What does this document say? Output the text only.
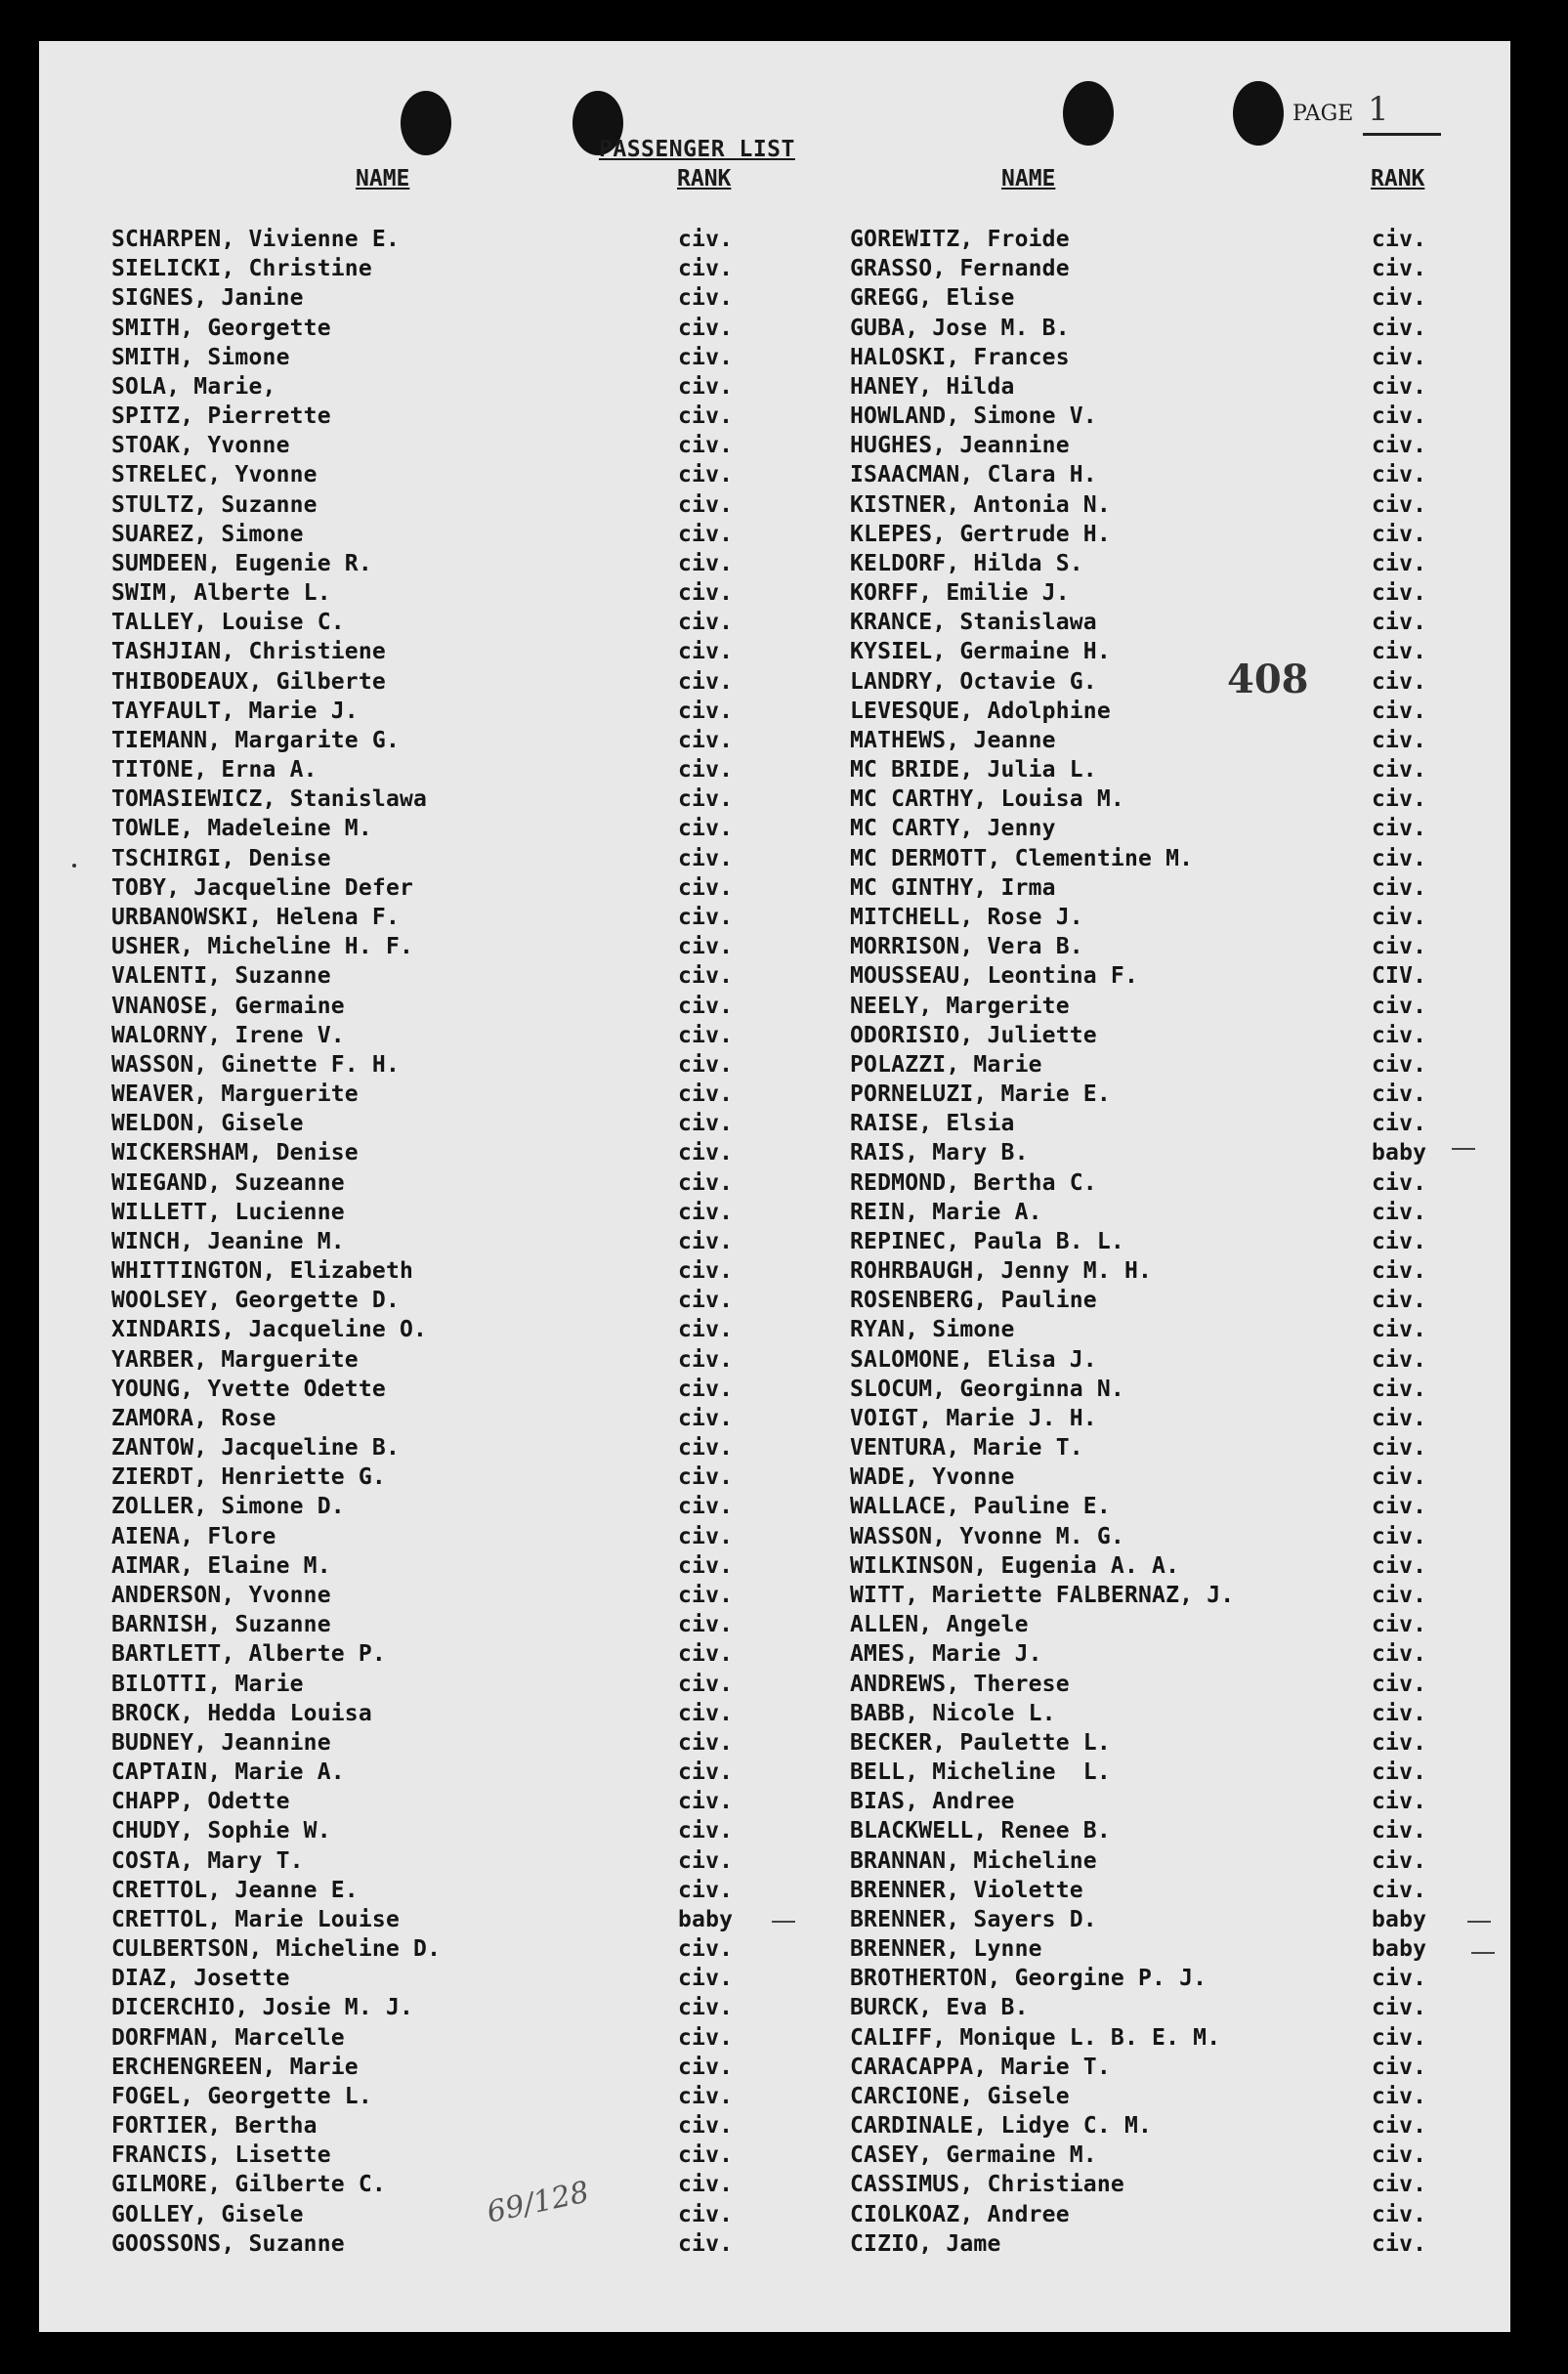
PAGE 1
PASSENGER LIST
NAME	RANK	NAME	RANK
SCHARPEN, Vivienne E.	civ.
SIELICKI, Christine	civ.
SIGNES, Janine	civ.
SMITH, Georgette	civ.
SMITH, Simone	civ.
SOLA, Marie,	civ.
SPITZ, Pierrette	civ.
STOAK, Yvonne	civ.
STRELEC, Yvonne	civ.
STULTZ, Suzanne	civ.
SUAREZ, Simone	civ.
SUMDEEN, Eugenie R.	civ.
SWIM, Alberte L.	civ.
TALLEY, Louise C.	civ.
TASHJIAN, Christiene	civ.
THIBODEAUX, Gilberte	civ.
TAYFAULT, Marie J.	civ.
TIEMANN, Margarite G.	civ.
TITONE, Erna A.	civ.
TOMASIEWICZ, Stanislawa	civ.
TOWLE, Madeleine M.	civ.
TSCHIRGI, Denise	civ.
TOBY, Jacqueline Defer	civ.
URBANOWSKI, Helena F.	civ.
USHER, Micheline H. F.	civ.
VALENTI, Suzanne	civ.
VNANOSE, Germaine	civ.
WALORNY, Irene V.	civ.
WASSON, Ginette F. H.	civ.
WEAVER, Marguerite	civ.
WELDON, Gisele	civ.
WICKERSHAM, Denise	civ.
WIEGAND, Suzeanne	civ.
WILLETT, Lucienne	civ.
WINCH, Jeanine M.	civ.
WHITTINGTON, Elizabeth	civ.
WOOLSEY, Georgette D.	civ.
XINDARIS, Jacqueline O.	civ.
YARBER, Marguerite	civ.
YOUNG, Yvette Odette	civ.
ZAMORA, Rose	civ.
ZANTOW, Jacqueline B.	civ.
ZIERDT, Henriette G.	civ.
ZOLLER, Simone D.	civ.
AIENA, Flore	civ.
AIMAR, Elaine M.	civ.
ANDERSON, Yvonne	civ.
BARNISH, Suzanne	civ.
BARTLETT, Alberte P.	civ.
BILOTTI, Marie	civ.
BROCK, Hedda Louisa	civ.
BUDNEY, Jeannine	civ.
CAPTAIN, Marie A.	civ.
CHAPP, Odette	civ.
CHUDY, Sophie W.	civ.
COSTA, Mary T.	civ.
CRETTOL, Jeanne E.	civ.
CRETTOL, Marie Louise	baby
CULBERTSON, Micheline D.	civ.
DIAZ, Josette	civ.
DICERCHIO, Josie M. J.	civ.
DORFMAN, Marcelle	civ.
ERCHENGREEN, Marie	civ.
FOGEL, Georgette L.	civ.
FORTIER, Bertha	civ.
FRANCIS, Lisette	civ.
GILMORE, Gilberte C.	civ.
GOLLEY, Gisele	civ.
GOOSSONS, Suzanne	civ.
GOREWITZ, Froide	civ.
GRASSO, Fernande	civ.
GREGG, Elise	civ.
GUBA, Jose M. B.	civ.
HALOSKI, Frances	civ.
HANEY, Hilda	civ.
HOWLAND, Simone V.	civ.
HUGHES, Jeannine	civ.
ISAACMAN, Clara H.	civ.
KISTNER, Antonia N.	civ.
KLEPES, Gertrude H.	civ.
KELDORF, Hilda S.	civ.
KORFF, Emilie J.	civ.
KRANCE, Stanislawa	civ.
KYSIEL, Germaine H.	civ.
LANDRY, Octavie G.	civ.
LEVESQUE, Adolphine	civ.
MATHEWS, Jeanne	civ.
MC BRIDE, Julia L.	civ.
MC CARTHY, Louisa M.	civ.
MC CARTY, Jenny	civ.
MC DERMOTT, Clementine M.	civ.
MC GINTHY, Irma	civ.
MITCHELL, Rose J.	civ.
MORRISON, Vera B.	civ.
MOUSSEAU, Leontina F.	CIV.
NEELY, Margerite	civ.
ODORISIO, Juliette	civ.
POLAZZI, Marie	civ.
PORNELUZI, Marie E.	civ.
RAISE, Elsia	civ.
RAIS, Mary B.	baby
REDMOND, Bertha C.	civ.
REIN, Marie A.	civ.
REPINEC, Paula B. L.	civ.
ROHRBAUGH, Jenny M. H.	civ.
ROSENBERG, Pauline	civ.
RYAN, Simone	civ.
SALOMONE, Elisa J.	civ.
SLOCUM, Georginna N.	civ.
VOIGT, Marie J. H.	civ.
VENTURA, Marie T.	civ.
WADE, Yvonne	civ.
WALLACE, Pauline E.	civ.
WASSON, Yvonne M. G.	civ.
WILKINSON, Eugenia A. A.	civ.
WITT, Mariette FALBERNAZ, J.	civ.
ALLEN, Angele	civ.
AMES, Marie J.	civ.
ANDREWS, Therese	civ.
BABB, Nicole L.	civ.
BECKER, Paulette L.	civ.
BELL, Micheline  L.	civ.
BIAS, Andree	civ.
BLACKWELL, Renee B.	civ.
BRANNAN, Micheline	civ.
BRENNER, Violette	civ.
BRENNER, Sayers D.	baby
BRENNER, Lynne	baby
BROTHERTON, Georgine P. J.	civ.
BURCK, Eva B.	civ.
CALIFF, Monique L. B. E. M.	civ.
CARACAPPA, Marie T.	civ.
CARCIONE, Gisele	civ.
CARDINALE, Lidye C. M.	civ.
CASEY, Germaine M.	civ.
CASSIMUS, Christiane	civ.
CIOLKOAZ, Andree	civ.
CIZIO, Jame	civ.
408
69/128
